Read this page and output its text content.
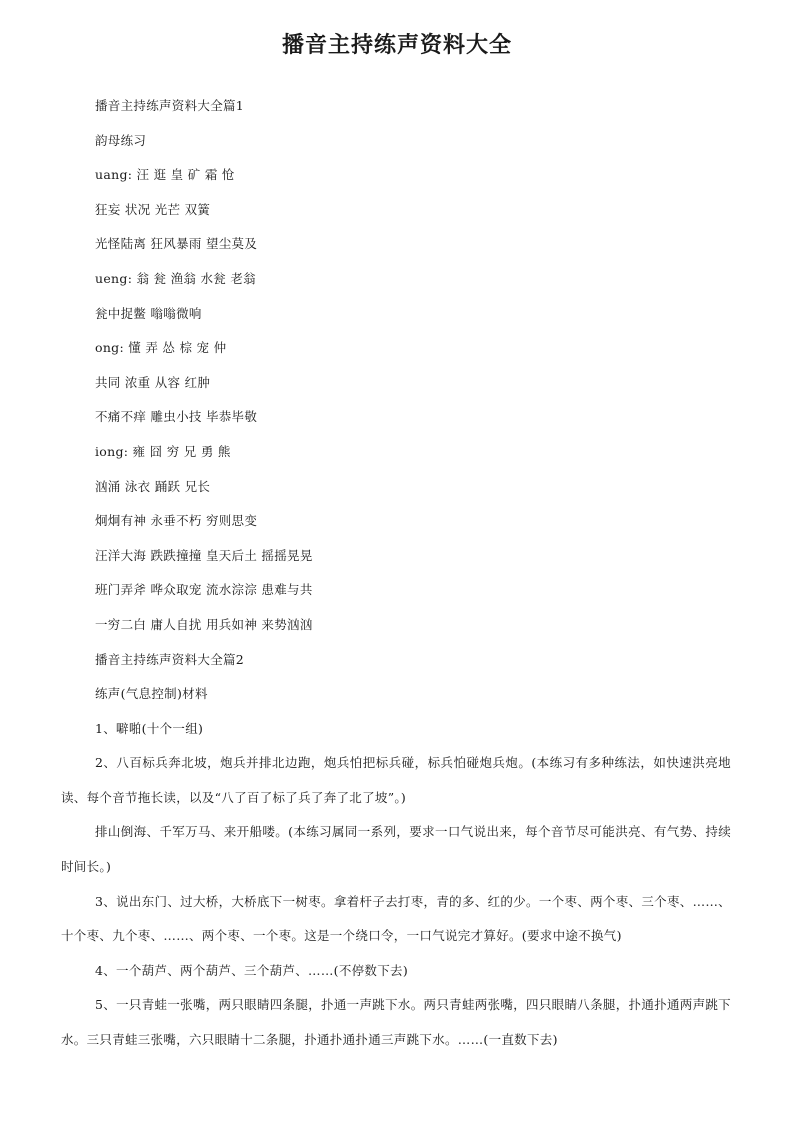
播音主持练声资料大全

播音主持练声资料大全篇1

韵母练习

uang: 汪 逛 皇 矿 霜 怆

狂妄 状况 光芒 双簧

光怪陆离 狂风暴雨 望尘莫及

ueng: 翁 瓮 渔翁 水瓮 老翁

瓮中捉鳖 嗡嗡微响

ong: 懂 弄 怂 棕 宠 仲

共同 浓重 从容 红肿

不痛不痒 雕虫小技 毕恭毕敬

iong: 雍 囧 穷 兄 勇 熊

汹涌 泳衣 踊跃 兄长

炯炯有神 永垂不朽 穷则思变

汪洋大海 跌跌撞撞 皇天后土 摇摇晃晃

班门弄斧 哗众取宠 流水淙淙 患难与共

一穷二白 庸人自扰 用兵如神 来势汹汹

播音主持练声资料大全篇2

练声(气息控制)材料

1、噼啪(十个一组)

2、八百标兵奔北坡，炮兵并排北边跑，炮兵怕把标兵碰，标兵怕碰炮兵炮。(本练习有多种练法，如快速洪亮地读、每个音节拖长读，以及“八了百了标了兵了奔了北了坡”。)

排山倒海、千军万马、来开船喽。(本练习属同一系列，要求一口气说出来，每个音节尽可能洪亮、有气势、持续时间长。)

3、说出东门、过大桥，大桥底下一树枣。拿着杆子去打枣，青的多、红的少。一个枣、两个枣、三个枣、……、十个枣、九个枣、……、两个枣、一个枣。这是一个绕口令，一口气说完才算好。(要求中途不换气)

4、一个葫芦、两个葫芦、三个葫芦、……(不停数下去)

5、一只青蛙一张嘴，两只眼睛四条腿，扑通一声跳下水。两只青蛙两张嘴，四只眼睛八条腿，扑通扑通两声跳下水。三只青蛙三张嘴，六只眼睛十二条腿，扑通扑通扑通三声跳下水。……(一直数下去)
